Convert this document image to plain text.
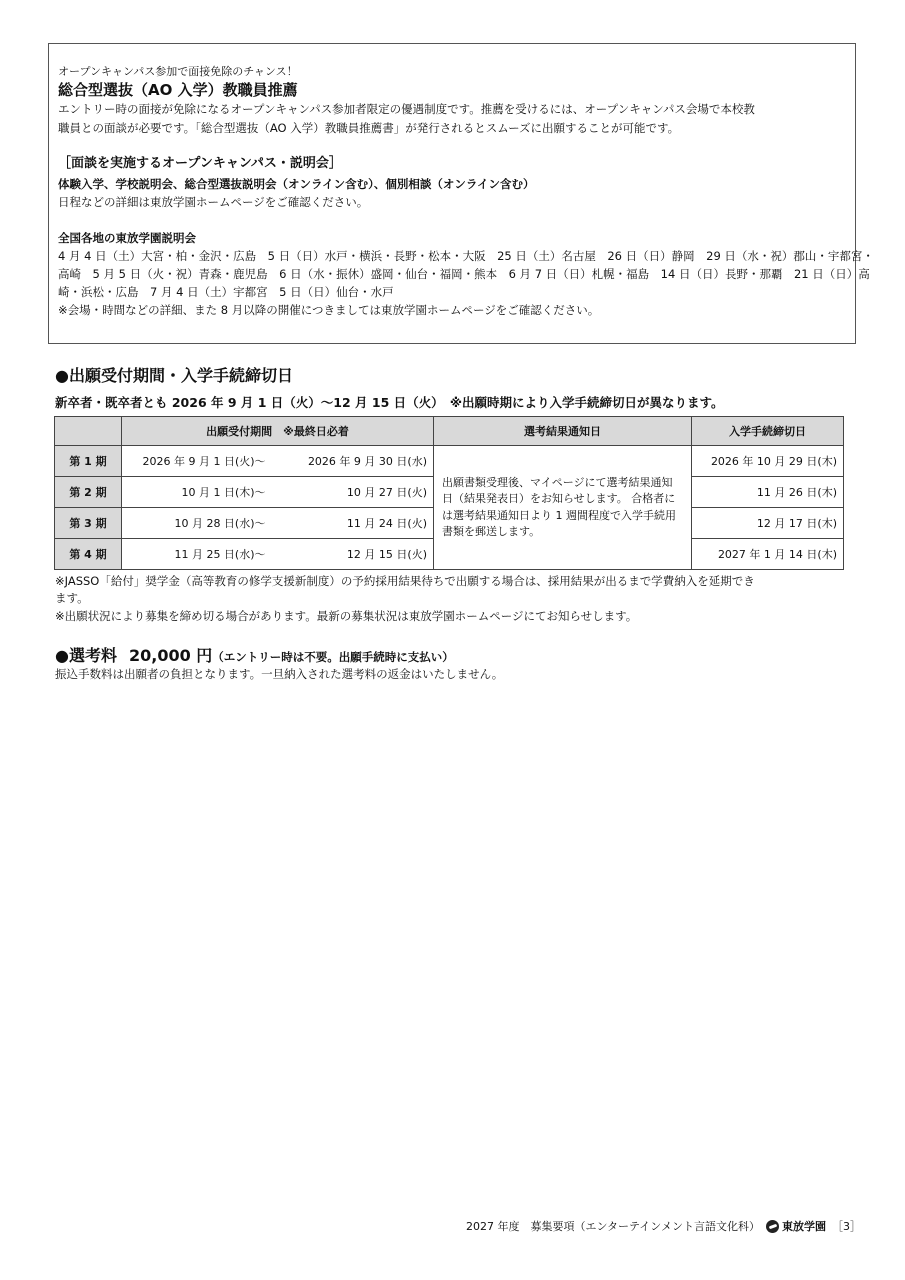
オープンキャンパス参加で面接免除のチャンス！
総合型選抜（AO 入学）教職員推薦
エントリー時の面接が免除になるオープンキャンパス参加者限定の優遇制度です。推薦を受けるには、オープンキャンパス会場で本校教
職員との面談が必要です。「総合型選抜（AO 入学）教職員推薦書」が発行されるとスムーズに出願することが可能です。
［面談を実施するオープンキャンパス・説明会］
体験入学、学校説明会、総合型選抜説明会（オンライン含む）、個別相談（オンライン含む）
日程などの詳細は東放学園ホームページをご確認ください。
全国各地の東放学園説明会
4 月 4 日（土）大宮・柏・金沢・広島　5 日（日）水戸・横浜・長野・松本・大阪　25 日（土）名古屋　26 日（日）静岡　29 日（水・祝）郡山・宇都宮・
高崎　5 月 5 日（火・祝）青森・鹿児島　6 日（水・振休）盛岡・仙台・福岡・熊本　6 月 7 日（日）札幌・福島　14 日（日）長野・那覇　21 日（日）高
崎・浜松・広島　7 月 4 日（土）宇都宮　5 日（日）仙台・水戸
※会場・時間などの詳細、また 8 月以降の開催につきましては東放学園ホームページをご確認ください。
●出願受付期間・入学手続締切日
新卒者・既卒者とも 2026 年 9 月 1 日（火）～12 月 15 日（火）　※出願時期により入学手続締切日が異なります。
	出願受付期間　※最終日必着	選考結果通知日	入学手続締切日
第 1 期	2026 年 9 月 1 日(火)～ 2026 年 9 月 30 日(水)	出願書類受理後、マイページにて選考結果通知日（結果発表日）をお知らせします。 合格者には選考結果通知日より 1 週間程度で入学手続用書類を郵送します。	2026 年 10 月 29 日(木)
第 2 期	10 月 1 日(木)～ 10 月 27 日(火)		11 月 26 日(木)
第 3 期	10 月 28 日(水)～ 11 月 24 日(火)		12 月 17 日(木)
第 4 期	11 月 25 日(水)～ 12 月 15 日(火)		2027 年 1 月 14 日(木)
※JASSO「給付」奨学金（高等教育の修学支援新制度）の予約採用結果待ちで出願する場合は、採用結果が出るまで学費納入を延期でき
ます。
※出願状況により募集を締め切る場合があります。最新の募集状況は東放学園ホームページにてお知らせします。
●選考料 20,000 円 （エントリー時は不要。出願手続時に支払い）
振込手数料は出願者の負担となります。一旦納入された選考料の返金はいたしません。
2027 年度　募集要項（エンターテインメント言語文化科） 東放学園 ［3］
